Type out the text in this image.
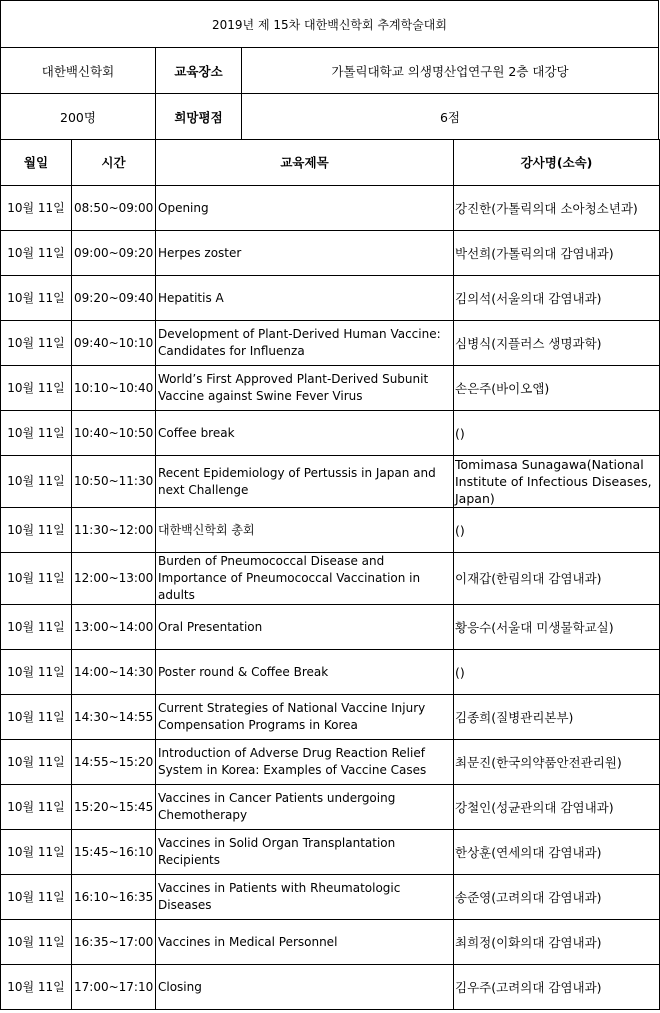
2019년 제 15차 대한백신학회 추계학술대회
대한백신학회	교육장소	가톨릭대학교 의생명산업연구원 2층 대강당
200명	희망평점	6점
월일	시간	교육제목	강사명(소속)
10월 11일	08:50~09:00	Opening	강진한(가톨릭의대 소아청소년과)
10월 11일	09:00~09:20	Herpes zoster	박선희(가톨릭의대 감염내과)
10월 11일	09:20~09:40	Hepatitis A	김의석(서울의대 감염내과)
10월 11일	09:40~10:10	Development of Plant-Derived Human Vaccine: Candidates for Influenza	심병식(지플러스 생명과학)
10월 11일	10:10~10:40	World’s First Approved Plant-Derived Subunit Vaccine against Swine Fever Virus	손은주(바이오앱)
10월 11일	10:40~10:50	Coffee break	()
10월 11일	10:50~11:30	Recent Epidemiology of Pertussis in Japan and next Challenge	Tomimasa Sunagawa(National Institute of Infectious Diseases, Japan)
10월 11일	11:30~12:00	대한백신학회 총회	()
10월 11일	12:00~13:00	Burden of Pneumococcal Disease and Importance of Pneumococcal Vaccination in adults	이재갑(한림의대 감염내과)
10월 11일	13:00~14:00	Oral Presentation	황응수(서울대 미생물학교실)
10월 11일	14:00~14:30	Poster round & Coffee Break	()
10월 11일	14:30~14:55	Current Strategies of National Vaccine Injury Compensation Programs in Korea	김종희(질병관리본부)
10월 11일	14:55~15:20	Introduction of Adverse Drug Reaction Relief System in Korea: Examples of Vaccine Cases	최문진(한국의약품안전관리원)
10월 11일	15:20~15:45	Vaccines in Cancer Patients undergoing Chemotherapy	강철인(성균관의대 감염내과)
10월 11일	15:45~16:10	Vaccines in Solid Organ Transplantation Recipients	한상훈(연세의대 감염내과)
10월 11일	16:10~16:35	Vaccines in Patients with Rheumatologic Diseases	송준영(고려의대 감염내과)
10월 11일	16:35~17:00	Vaccines in Medical Personnel	최희정(이화의대 감염내과)
10월 11일	17:00~17:10	Closing	김우주(고려의대 감염내과)
